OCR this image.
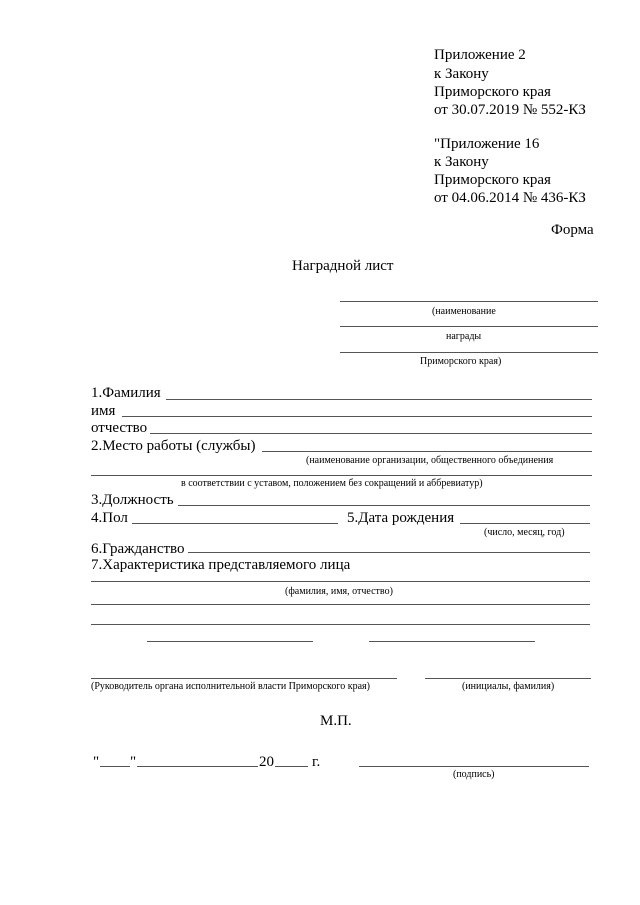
Приложение 2
к Закону
Приморского края
от 30.07.2019 № 552-КЗ
"Приложение 16
к Закону
Приморского края
от 04.06.2014 № 436-КЗ
Форма
Наградной лист
(наименование
награды
Приморского края)
1.Фамилия
имя
отчество
2.Место работы (службы)
(наименование организации, общественного объединения
в соответствии с уставом, положением без сокращений и аббревиатур)
3.Должность
4.Пол	5.Дата рождения
(число, месяц, год)
6.Гражданство
7.Характеристика представляемого лица
(фамилия, имя, отчество)
(Руководитель органа исполнительной власти Приморского края)	(инициалы, фамилия)
М.П.
" "	20	г.
(подпись)
